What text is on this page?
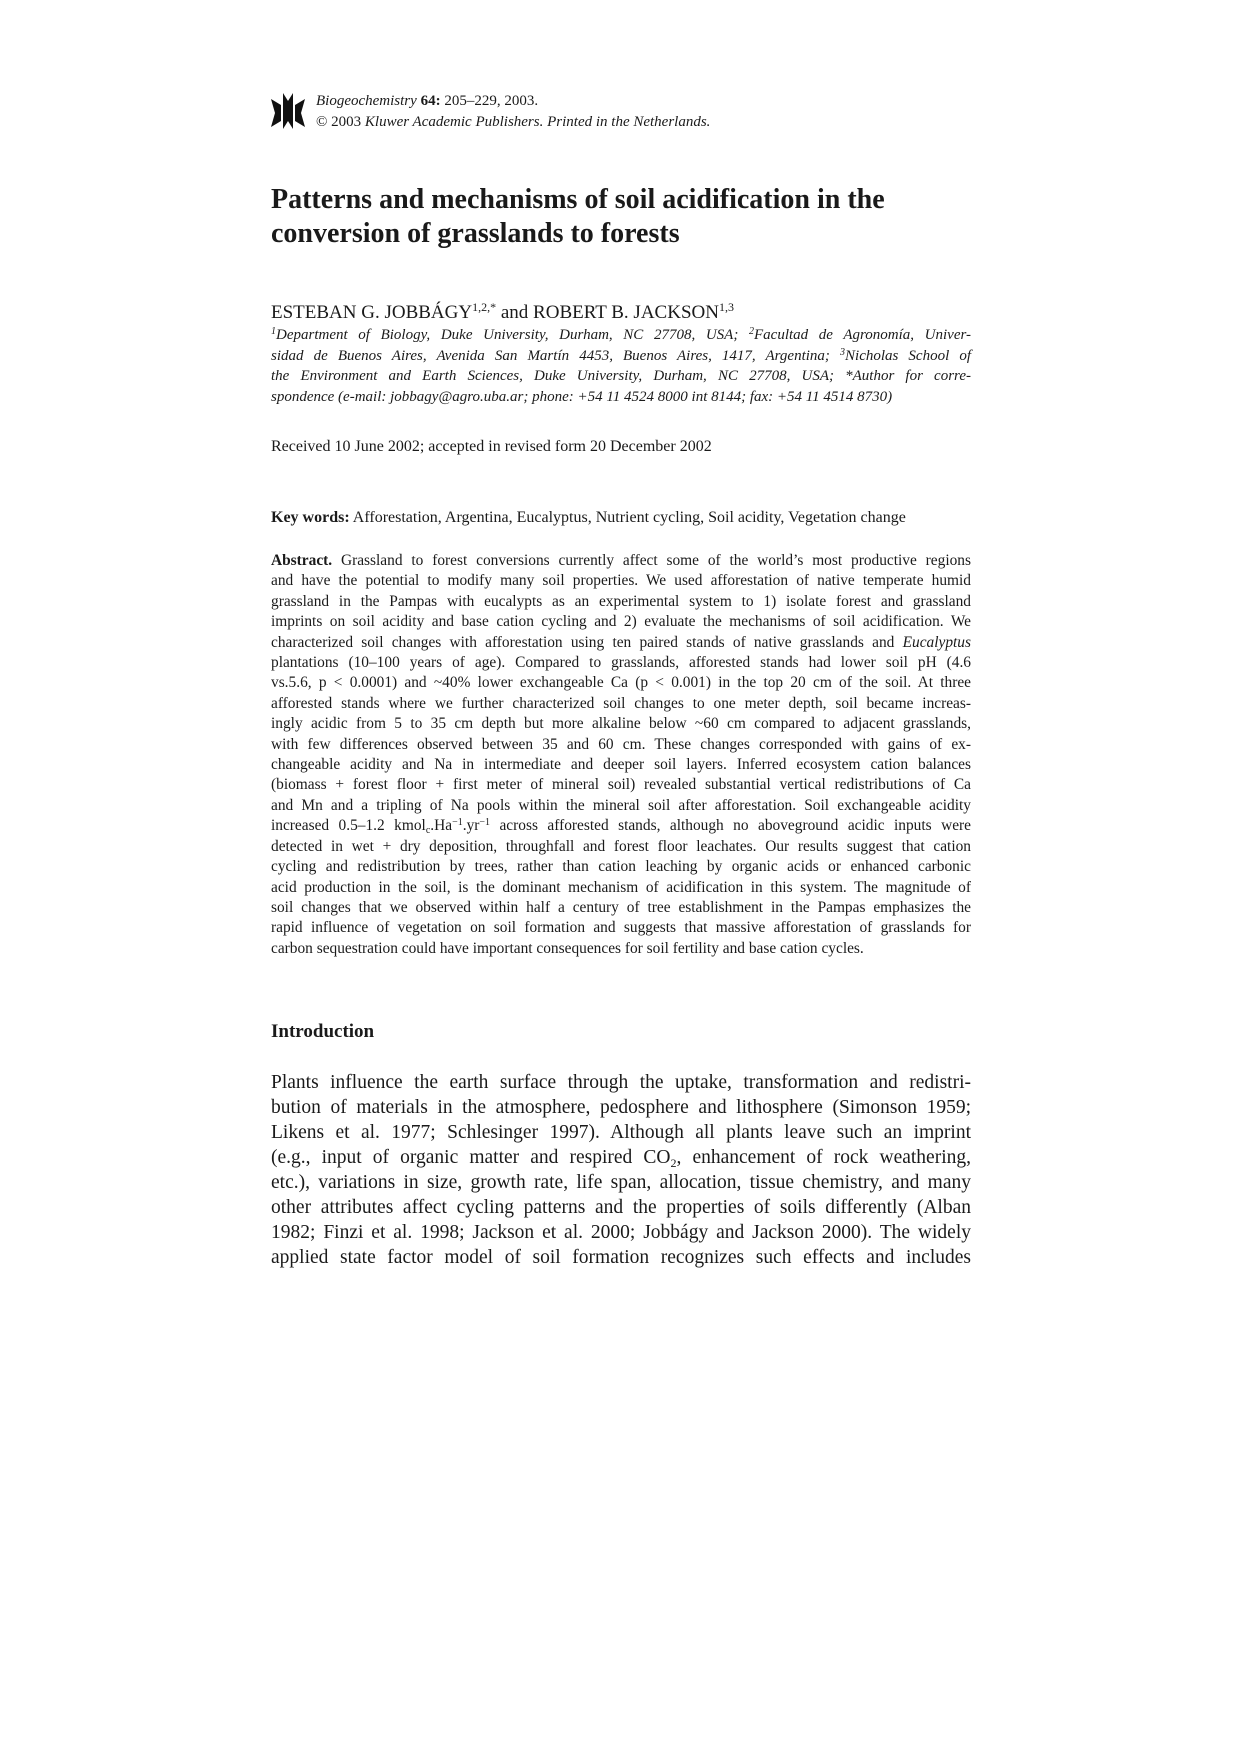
Biogeochemistry 64: 205–229, 2003.
© 2003 Kluwer Academic Publishers. Printed in the Netherlands.
Patterns and mechanisms of soil acidification in the
conversion of grasslands to forests
ESTEBAN G. $JOBBÁGY^{1,2,*}$ and ROBERT B. JACKSON$^{1,3}$

$^1$Department of Biology, Duke University, Durham, NC 27708, USA; $^2$Facultad de Agronomía, Univer-

sidad de Buenos Aires, Avenida San Martín 4453, Buenos Aires, 1417, Argentina; $^3$Nicholas School of

the Environment and Earth Sciences, Duke University, Durham, NC 27708, USA; *Author for corre-

spondence (e-mail: jobbagy@agro.uba.ar; phone: +54 11 4524 8000 int 8144; fax: +54 11 4514 8730)

Received 10 June 2002; accepted in revised form 20 December 2002
Key words: Afforestation, Argentina, Eucalyptus, Nutrient cycling, Soil acidity, Vegetation change

Abstract. Grassland to forest conversions currently affect some of the world’s most productive regions

and have the potential to modify many soil properties. We used afforestation of native temperate humid

grassland in the Pampas with eucalypts as an experimental system to 1) isolate forest and grassland

imprints on soil acidity and base cation cycling and 2) evaluate the mechanisms of soil acidification. We

characterized soil changes with afforestation using ten paired stands of native grasslands and Eucalyptus

plantations (10–100 years of age). Compared to grasslands, afforested stands had lower soil pH (4.6

vs.5.6, p < 0.0001) and ~40% lower exchangeable Ca (p < 0.001) in the top 20 cm of the soil. At three

afforested stands where we further characterized soil changes to one meter depth, soil became increas-

ingly acidic from 5 to 35 cm depth but more alkaline below ~60 cm compared to adjacent grasslands,

with few differences observed between 35 and 60 cm. These changes corresponded with gains of ex-

changeable acidity and Na in intermediate and deeper soil layers. Inferred ecosystem cation balances

(biomass + forest floor + first meter of mineral soil) revealed substantial vertical redistributions of Ca

and Mn and a tripling of Na pools within the mineral soil after afforestation. Soil exchangeable acidity

increased 0.5–1.2 $kmol_c.Ha^{-1}.yr^{-1}$ across afforested stands, although no aboveground acidic inputs were

detected in wet + dry deposition, throughfall and forest floor leachates. Our results suggest that cation

cycling and redistribution by trees, rather than cation leaching by organic acids or enhanced carbonic

acid production in the soil, is the dominant mechanism of acidification in this system. The magnitude of

soil changes that we observed within half a century of tree establishment in the Pampas emphasizes the

rapid influence of vegetation on soil formation and suggests that massive afforestation of grasslands for

carbon sequestration could have important consequences for soil fertility and base cation cycles.

Introduction

Plants influence the earth surface through the uptake, transformation and redistri-

bution of materials in the atmosphere, pedosphere and lithosphere (Simonson 1959;

Likens et al. 1977; Schlesinger 1997). Although all plants leave such an imprint

(e.g., input of organic matter and respired $CO_2$, enhancement of rock weathering,

etc.), variations in size, growth rate, life span, allocation, tissue chemistry, and many

other attributes affect cycling patterns and the properties of soils differently (Alban

1982; Finzi et al. 1998; Jackson et al. 2000; Jobbágy and Jackson 2000). The widely

applied state factor model of soil formation recognizes such effects and includes
